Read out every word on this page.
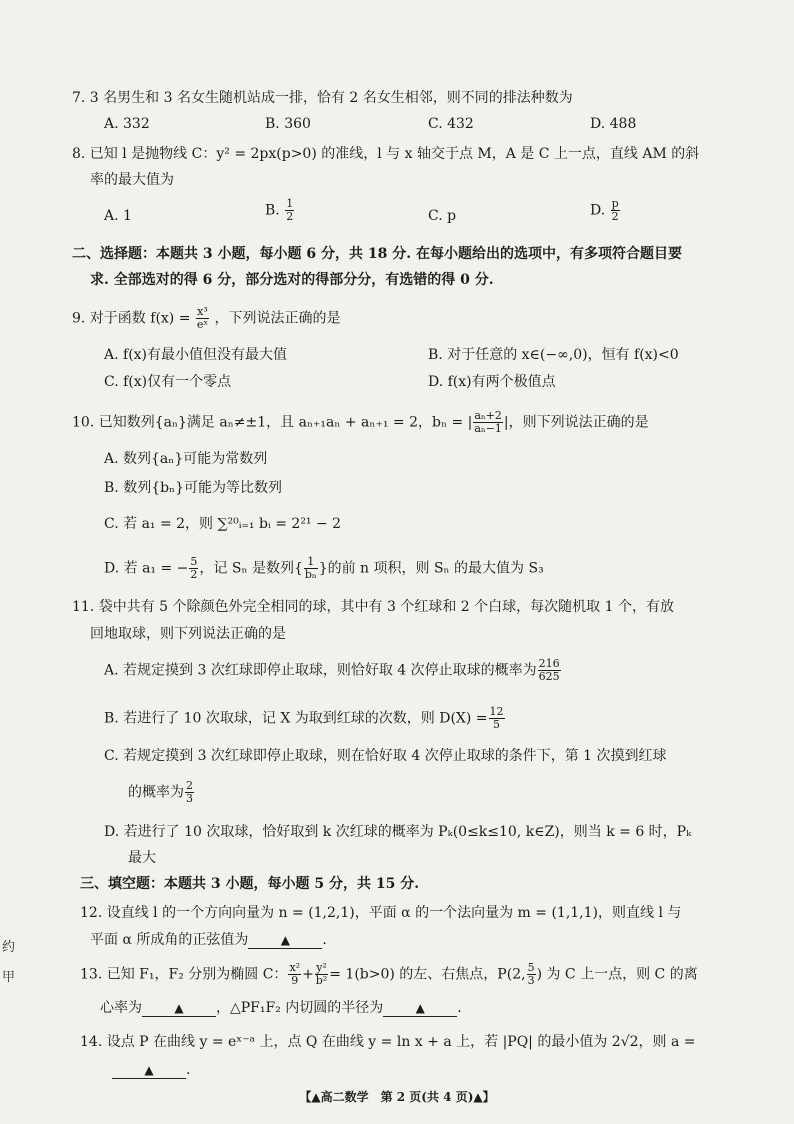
7. 3 名男生和 3 名女生随机站成一排，恰有 2 名女生相邻，则不同的排法种数为
A. 332	B. 360	C. 432	D. 488
8. 已知 l 是抛物线 C：y² = 2px(p>0) 的准线，l 与 x 轴交于点 M，A 是 C 上一点，直线 AM 的斜
率的最大值为
A. 1	B. $\frac{1}{2}$	C. p	D. $\frac{p}{2}$
二、选择题：本题共 3 小题，每小题 6 分，共 18 分. 在每小题给出的选项中，有多项符合题目要
求. 全部选对的得 6 分，部分选对的得部分分，有选错的得 0 分.
9. 对于函数 $f(x) = \frac{\text{x³}}{\text{eˣ}}$ ，下列说法正确的是
A. f(x)有最小值但没有最大值	B. 对于任意的 x∈(−∞,0)，恒有 f(x)<0
C. f(x)仅有一个零点	D. f(x)有两个极值点
10. 已知数列{aₙ}满足 aₙ≠±1，且 aₙ₊₁aₙ + aₙ₊₁ = 2，bₙ = | $\frac{\text{aₙ+2}}{\text{aₙ−1}}$ |，则下列说法正确的是
A. 数列{aₙ}可能为常数列
B. 数列{bₙ}可能为等比数列
C. 若 a₁ = 2，则 ∑²⁰ᵢ₌₁ bᵢ = 2²¹ − 2
D. 若 a₁ = − $\frac{5}{2}$ ，记 Sₙ 是数列{ $\frac{1}{\text{bₙ}}$ }的前 n 项积，则 Sₙ 的最大值为 S₃
11. 袋中共有 5 个除颜色外完全相同的球，其中有 3 个红球和 2 个白球，每次随机取 1 个，有放
回地取球，则下列说法正确的是
A. 若规定摸到 3 次红球即停止取球，则恰好取 4 次停止取球的概率为 $\frac{216}{625}$
B. 若进行了 10 次取球，记 X 为取到红球的次数，则 $D(X) = \frac{12}{5}$
C. 若规定摸到 3 次红球即停止取球，则在恰好取 4 次停止取球的条件下，第 1 次摸到红球
的概率为 $\frac{2}{3}$
D. 若进行了 10 次取球，恰好取到 k 次红球的概率为 Pₖ(0≤k≤10, k∈Z)，则当 k = 6 时，Pₖ
最大
三、填空题：本题共 3 小题，每小题 5 分，共 15 分.
12. 设直线 l 的一个方向向量为 n = (1,2,1)，平面 α 的一个法向量为 m = (1,1,1)，则直线 l 与
平面 α 所成角的正弦值为	▲ .
13. 已知 F₁，F₂ 分别为椭圆 C： $\frac{\text{x²}}{9} + \frac{\text{y²}}{\text{b²}} = 1(b>0)$ 的左、右焦点，P(2, $\frac{5}{3}$ ) 为 C 上一点，则 C 的离
心率为	▲ ，△PF₁F₂ 内切圆的半径为	▲ .
14. 设点 P 在曲线 y = eˣ⁻ᵃ 上，点 Q 在曲线 y = ln x + a 上，若 |PQ| 的最小值为 2√2，则 a =
▲ .
约
甲
【▲高二数学　第 2 页(共 4 页)▲】
